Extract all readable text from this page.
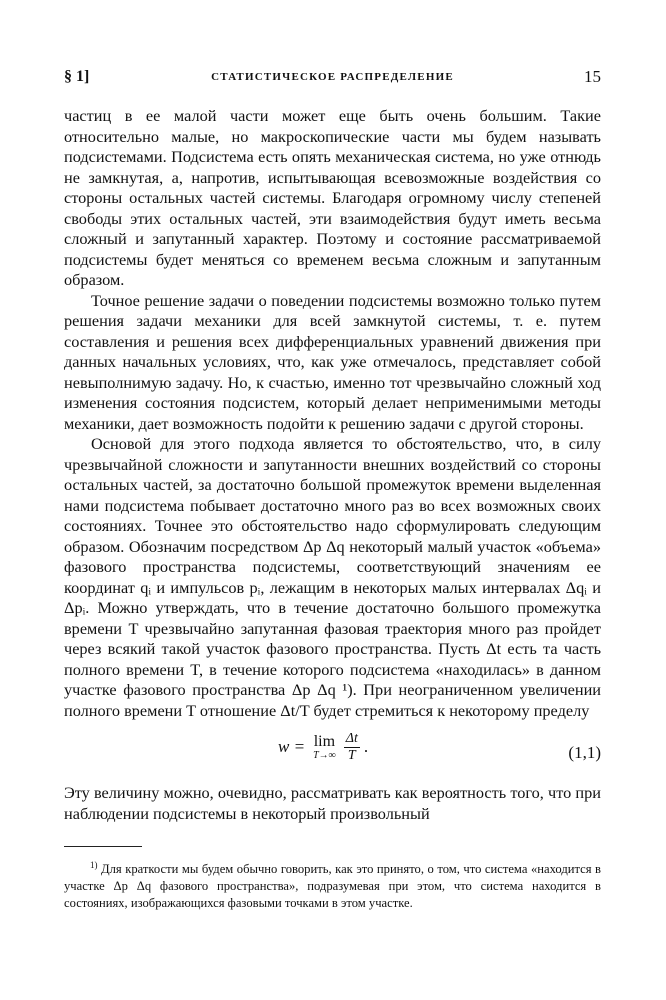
§ 1]	СТАТИСТИЧЕСКОЕ РАСПРЕДЕЛЕНИЕ	15

частиц в ее малой части может еще быть очень большим. Такие относительно малые, но макроскопические части мы будем называть подсистемами. Подсистема есть опять механическая система, но уже отнюдь не замкнутая, а, напротив, испытывающая всевозможные воздействия со стороны остальных частей системы. Благодаря огромному числу степеней свободы этих остальных частей, эти взаимодействия будут иметь весьма сложный и запутанный характер. Поэтому и состояние рассматриваемой подсистемы будет меняться со временем весьма сложным и запутанным образом.

Точное решение задачи о поведении подсистемы возможно только путем решения задачи механики для всей замкнутой системы, т. е. путем составления и решения всех дифференциальных уравнений движения при данных начальных условиях, что, как уже отмечалось, представляет собой невыполнимую задачу. Но, к счастью, именно тот чрезвычайно сложный ход изменения состояния подсистем, который делает неприменимыми методы механики, дает возможность подойти к решению задачи с другой стороны.

Основой для этого подхода является то обстоятельство, что, в силу чрезвычайной сложности и запутанности внешних воздействий со стороны остальных частей, за достаточно большой промежуток времени выделенная нами подсистема побывает достаточно много раз во всех возможных своих состояниях. Точнее это обстоятельство надо сформулировать следующим образом. Обозначим посредством Δp Δq некоторый малый участок «объема» фазового пространства подсистемы, соответствующий значениям ее координат qᵢ и импульсов pᵢ, лежащим в некоторых малых интервалах Δqᵢ и Δpᵢ. Можно утверждать, что в течение достаточно большого промежутка времени T чрезвычайно запутанная фазовая траектория много раз пройдет через всякий такой участок фазового пространства. Пусть Δt есть та часть полного времени T, в течение которого подсистема «находилась» в данном участке фазового пространства Δp Δq ¹). При неограниченном увеличении полного времени T отношение Δt/T будет стремиться к некоторому пределу

w = lim
$T\to\infty \frac{\Delta t}{T}$ .	(1,1)

Эту величину можно, очевидно, рассматривать как вероятность того, что при наблюдении подсистемы в некоторый произвольный

$^{1)}$ Для краткости мы будем обычно говорить, как это принято, о том, что система «находится в участке Δp Δq фазового пространства», подразумевая при этом, что система находится в состояниях, изображающихся фазовыми точками в этом участке.
